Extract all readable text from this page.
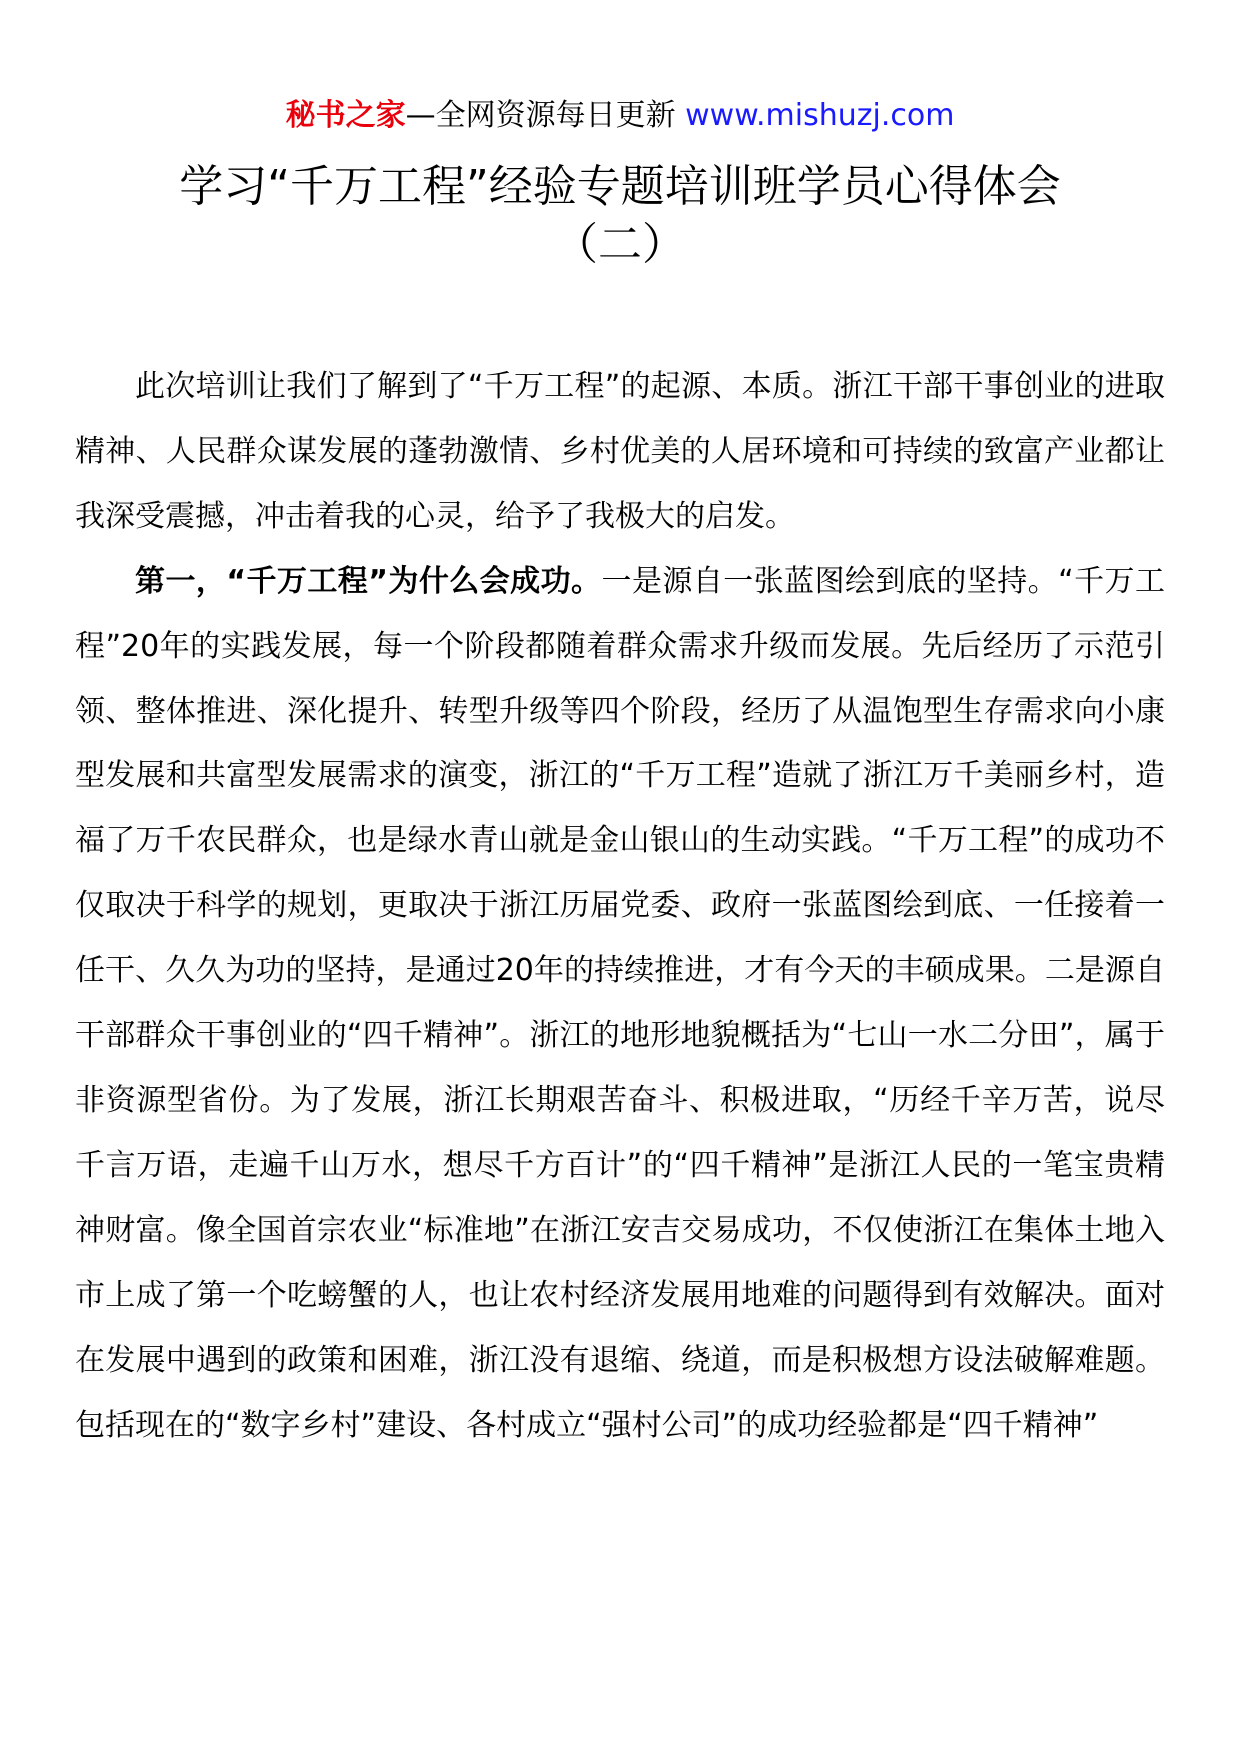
秘书之家—全网资源每日更新 www.mishuzj.com
学习“千万工程”经验专题培训班学员心得体会
（二）

此次培训让我们了解到了“千万工程”的起源、本质。浙江干部干事创业的进取精神、人民群众谋发展的蓬勃激情、乡村优美的人居环境和可持续的致富产业都让我深受震撼，冲击着我的心灵，给予了我极大的启发。

第一，“千万工程”为什么会成功。一是源自一张蓝图绘到底的坚持。“千万工程”20年的实践发展，每一个阶段都随着群众需求升级而发展。先后经历了示范引领、整体推进、深化提升、转型升级等四个阶段，经历了从温饱型生存需求向小康型发展和共富型发展需求的演变，浙江的“千万工程”造就了浙江万千美丽乡村，造福了万千农民群众，也是绿水青山就是金山银山的生动实践。“千万工程”的成功不仅取决于科学的规划，更取决于浙江历届党委、政府一张蓝图绘到底、一任接着一任干、久久为功的坚持，是通过20年的持续推进，才有今天的丰硕成果。二是源自干部群众干事创业的“四千精神”。浙江的地形地貌概括为“七山一水二分田”，属于非资源型省份。为了发展，浙江长期艰苦奋斗、积极进取，“历经千辛万苦，说尽千言万语，走遍千山万水，想尽千方百计”的“四千精神”是浙江人民的一笔宝贵精神财富。像全国首宗农业“标准地”在浙江安吉交易成功，不仅使浙江在集体土地入市上成了第一个吃螃蟹的人，也让农村经济发展用地难的问题得到有效解决。面对在发展中遇到的政策和困难，浙江没有退缩、绕道，而是积极想方设法破解难题。包括现在的“数字乡村”建设、各村成立“强村公司”的成功经验都是“四千精神”
